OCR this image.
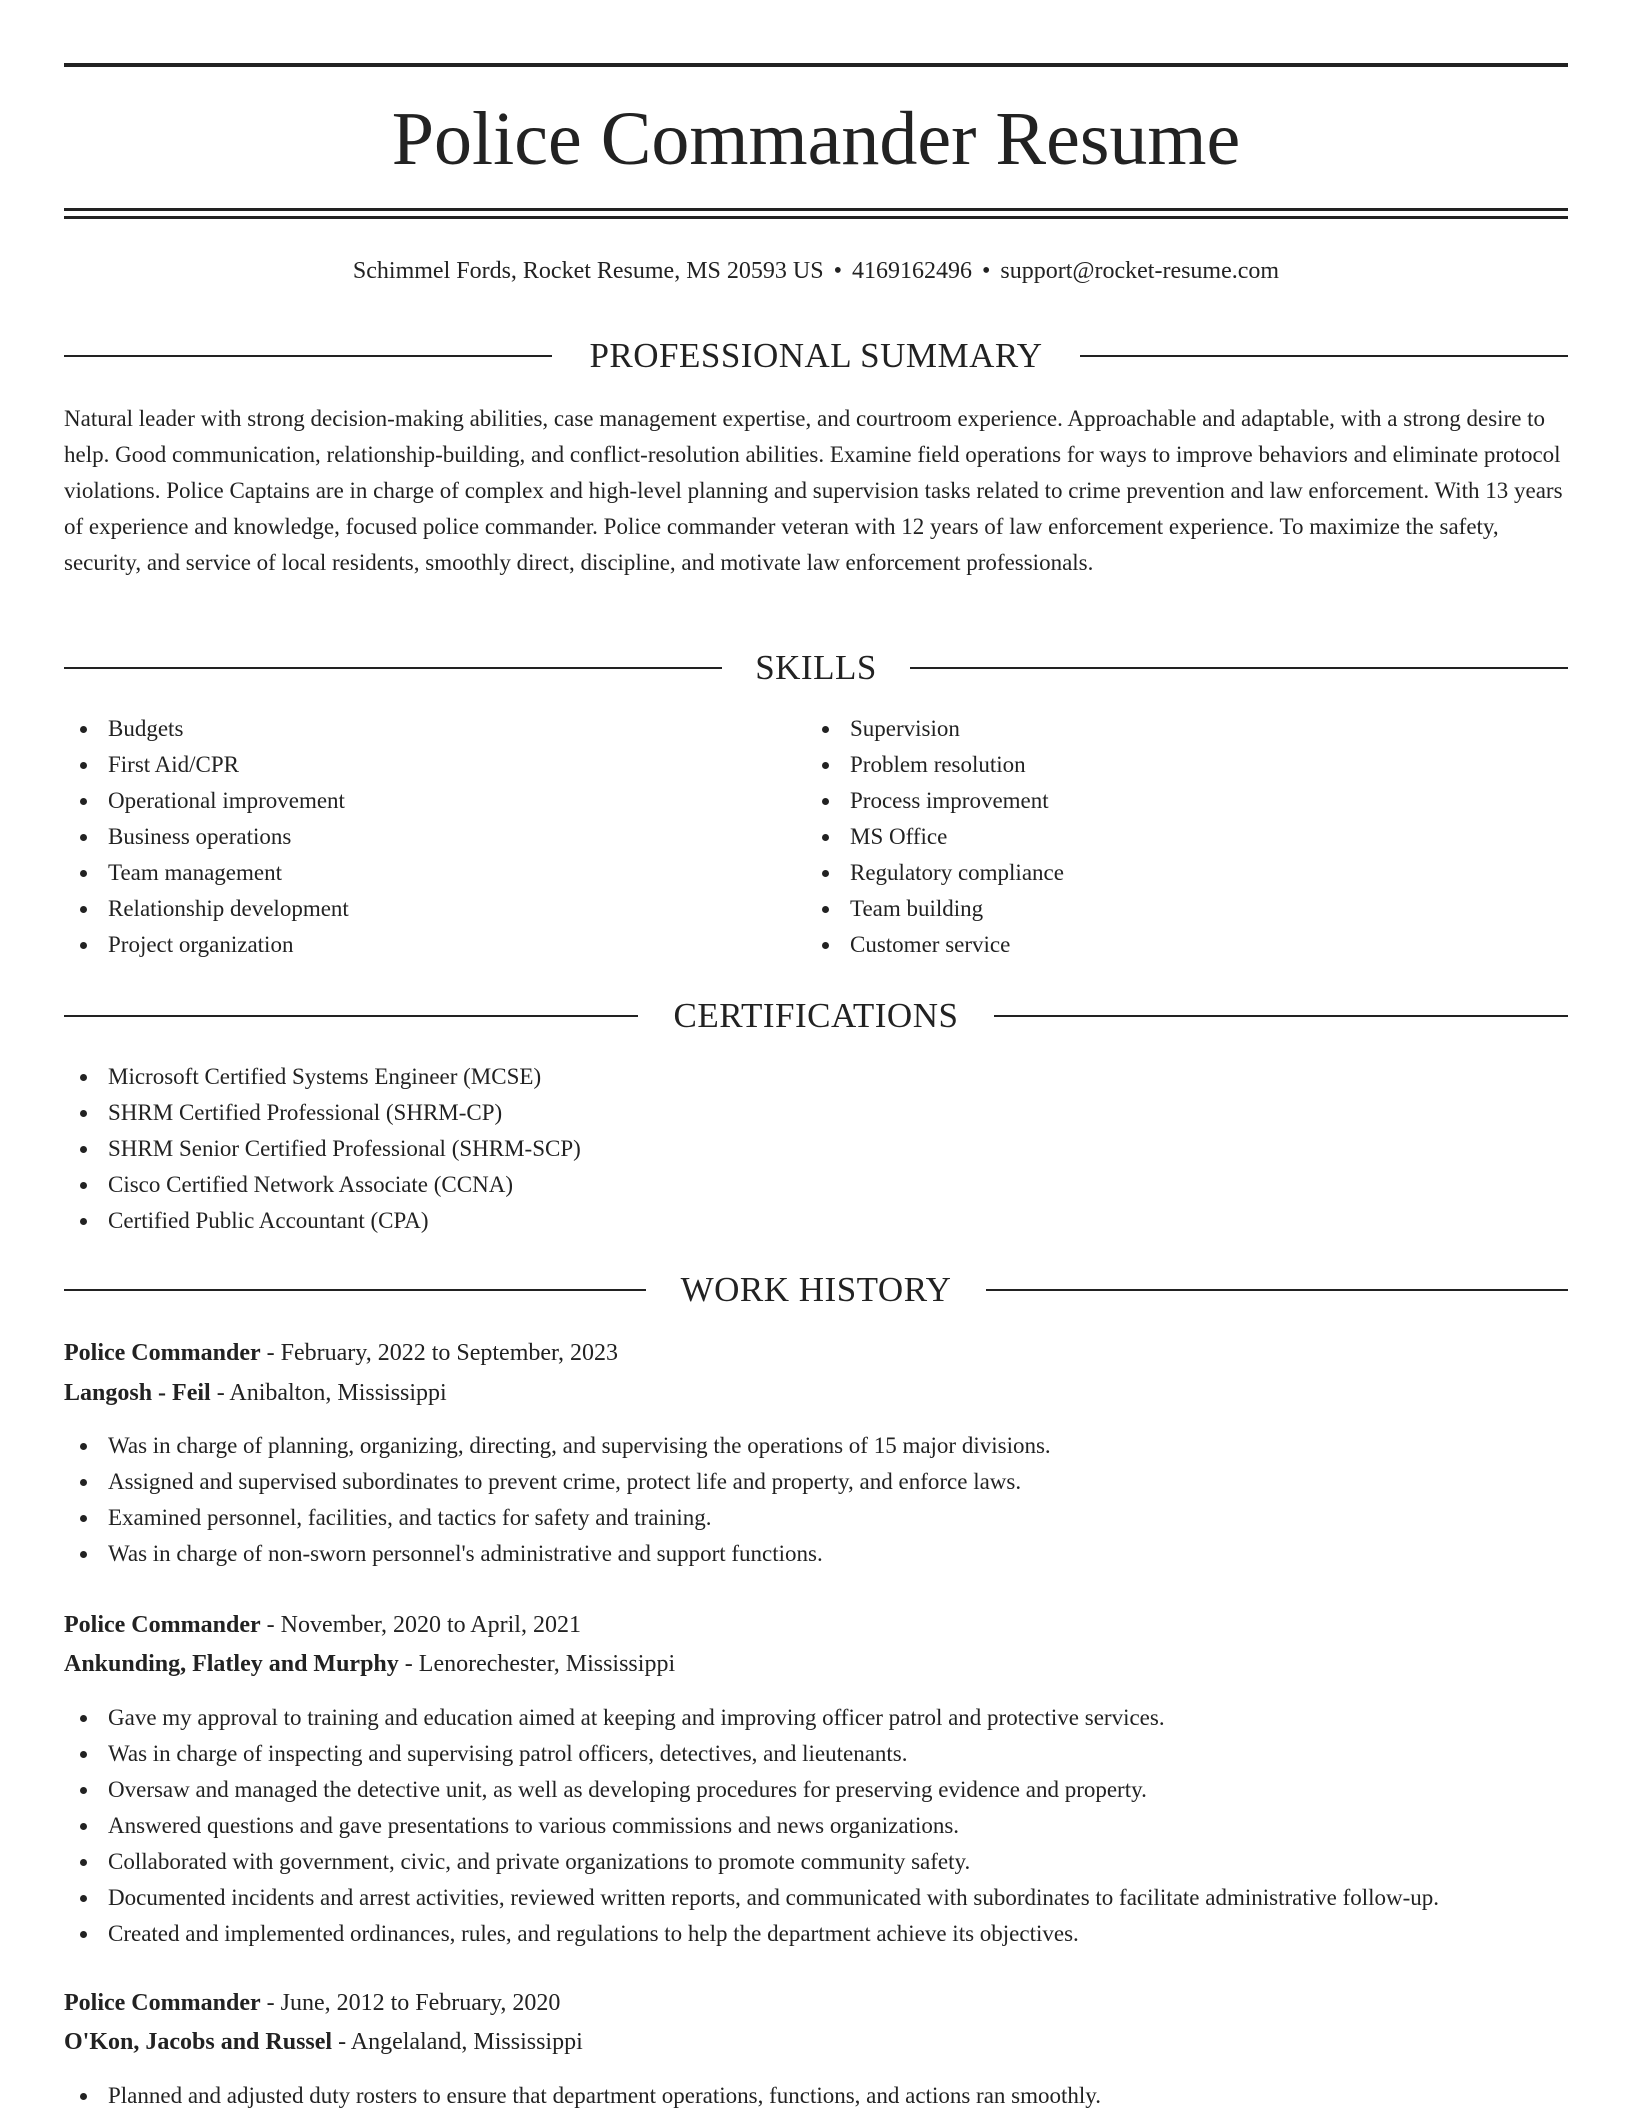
Police Commander Resume
Schimmel Fords, Rocket Resume, MS 20593 US • 4169162496 • support@rocket-resume.com
PROFESSIONAL SUMMARY

Natural leader with strong decision-making abilities, case management expertise, and courtroom experience. Approachable and adaptable, with a strong desire to help. Good communication, relationship-building, and conflict-resolution abilities. Examine field operations for ways to improve behaviors and eliminate protocol violations. Police Captains are in charge of complex and high-level planning and supervision tasks related to crime prevention and law enforcement. With 13 years of experience and knowledge, focused police commander. Police commander veteran with 12 years of law enforcement experience. To maximize the safety, security, and service of local residents, smoothly direct, discipline, and motivate law enforcement professionals.

SKILLS
Budgets
First Aid/CPR
Operational improvement
Business operations
Team management
Relationship development
Project organization
Supervision
Problem resolution
Process improvement
MS Office
Regulatory compliance
Team building
Customer service
CERTIFICATIONS
Microsoft Certified Systems Engineer (MCSE)
SHRM Certified Professional (SHRM-CP)
SHRM Senior Certified Professional (SHRM-SCP)
Cisco Certified Network Associate (CCNA)
Certified Public Accountant (CPA)
WORK HISTORY
Police Commander - February, 2022 to September, 2023
Langosh - Feil - Anibalton, Mississippi
Was in charge of planning, organizing, directing, and supervising the operations of 15 major divisions.
Assigned and supervised subordinates to prevent crime, protect life and property, and enforce laws.
Examined personnel, facilities, and tactics for safety and training.
Was in charge of non-sworn personnel's administrative and support functions.
Police Commander - November, 2020 to April, 2021
Ankunding, Flatley and Murphy - Lenorechester, Mississippi
Gave my approval to training and education aimed at keeping and improving officer patrol and protective services.
Was in charge of inspecting and supervising patrol officers, detectives, and lieutenants.
Oversaw and managed the detective unit, as well as developing procedures for preserving evidence and property.
Answered questions and gave presentations to various commissions and news organizations.
Collaborated with government, civic, and private organizations to promote community safety.
Documented incidents and arrest activities, reviewed written reports, and communicated with subordinates to facilitate administrative follow-up.
Created and implemented ordinances, rules, and regulations to help the department achieve its objectives.
Police Commander - June, 2012 to February, 2020
O'Kon, Jacobs and Russel - Angelaland, Mississippi
Planned and adjusted duty rosters to ensure that department operations, functions, and actions ran smoothly.
